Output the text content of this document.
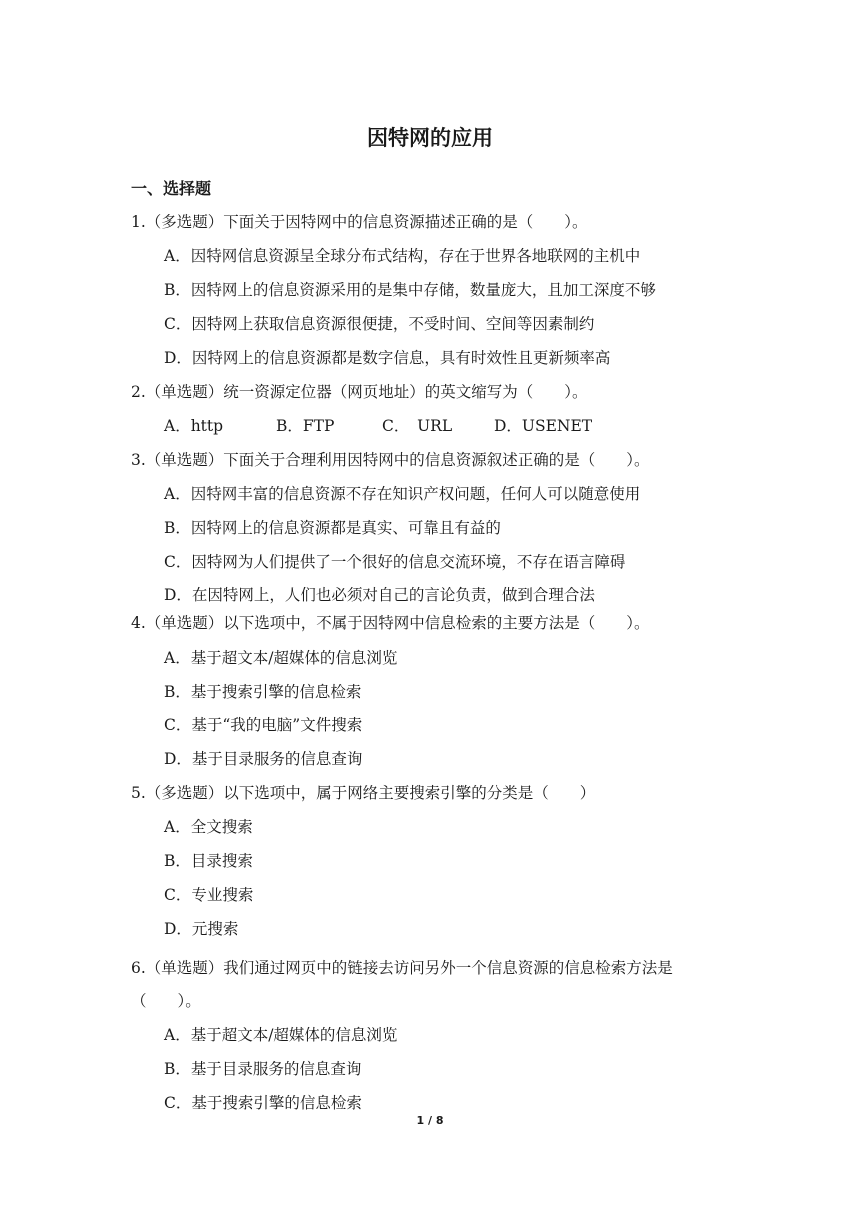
因特网的应用
一、选择题
1.（多选题）下面关于因特网中的信息资源描述正确的是（　　）。
A．因特网信息资源呈全球分布式结构，存在于世界各地联网的主机中
B．因特网上的信息资源采用的是集中存储，数量庞大，且加工深度不够
C．因特网上获取信息资源很便捷，不受时间、空间等因素制约
D．因特网上的信息资源都是数字信息，具有时效性且更新频率高
2.（单选题）统一资源定位器（网页地址）的英文缩写为（　　）。
A．http	B．FTP	C．　URL	D．USENET
3.（单选题）下面关于合理利用因特网中的信息资源叙述正确的是（　　）。
A．因特网丰富的信息资源不存在知识产权问题，任何人可以随意使用
B．因特网上的信息资源都是真实、可靠且有益的
C．因特网为人们提供了一个很好的信息交流环境，不存在语言障碍
D．在因特网上，人们也必须对自己的言论负责，做到合理合法
4.（单选题）以下选项中，不属于因特网中信息检索的主要方法是（　　）。
A．基于超文本/超媒体的信息浏览
B．基于搜索引擎的信息检索
C．基于“我的电脑”文件搜索
D．基于目录服务的信息查询
5.（多选题）以下选项中，属于网络主要搜索引擎的分类是（　　）
A．全文搜索
B．目录搜索
C．专业搜索
D．元搜索
6.（单选题）我们通过网页中的链接去访问另外一个信息资源的信息检索方法是
（　　）。
A．基于超文本/超媒体的信息浏览
B．基于目录服务的信息查询
C．基于搜索引擎的信息检索
1 / 8
